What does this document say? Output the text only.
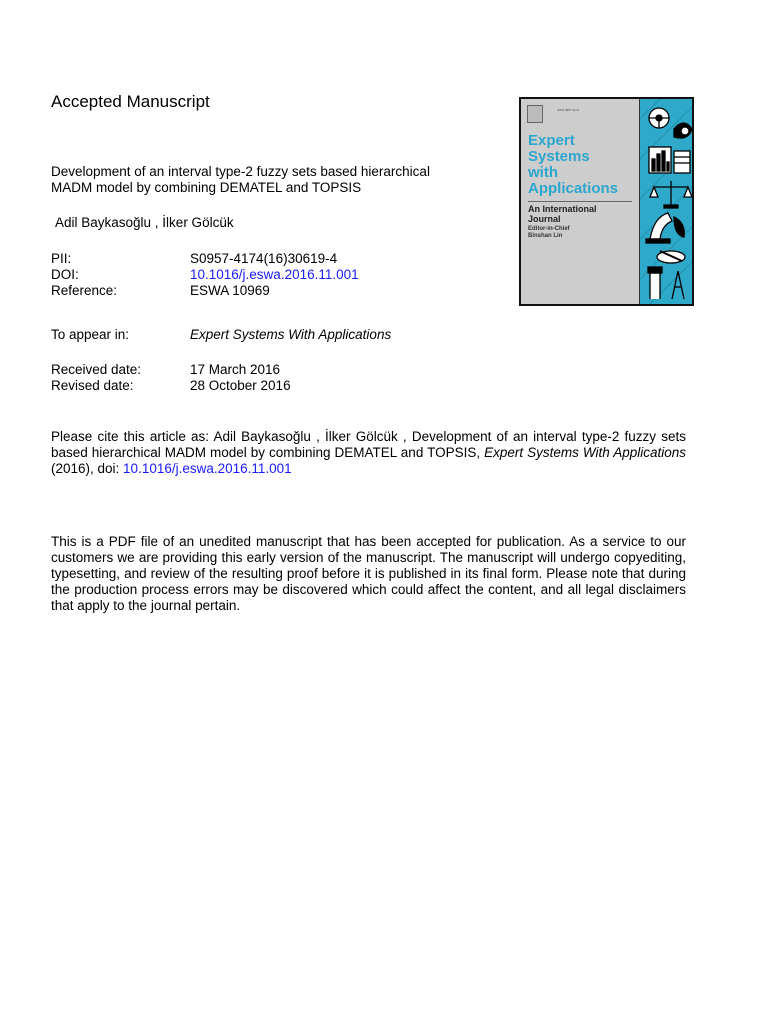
Accepted Manuscript
Development of an interval type-2 fuzzy sets based hierarchical MADM model by combining DEMATEL and TOPSIS
Adil Baykasoğlu , İlker Gölcük
PII:	S0957-4174(16)30619-4
DOI:	10.1016/j.eswa.2016.11.001
Reference:	ESWA 10969
To appear in:	Expert Systems With Applications
Received date:	17 March 2016
Revised date:	28 October 2016
Please cite this article as: Adil Baykasoğlu , İlker Gölcük , Development of an interval type-2 fuzzy sets based hierarchical MADM model by combining DEMATEL and TOPSIS, Expert Systems With Applications (2016), doi: 10.1016/j.eswa.2016.11.001
This is a PDF file of an unedited manuscript that has been accepted for publication. As a service to our customers we are providing this early version of the manuscript. The manuscript will undergo copyediting, typesetting, and review of the resulting proof before it is published in its final form. Please note that during the production process errors may be discovered which could affect the content, and all legal disclaimers that apply to the journal pertain.
ISSN 0957-4174
Expert
Systems
with
Applications
An International
Journal
Editor-in-Chief
Binshan Lin
